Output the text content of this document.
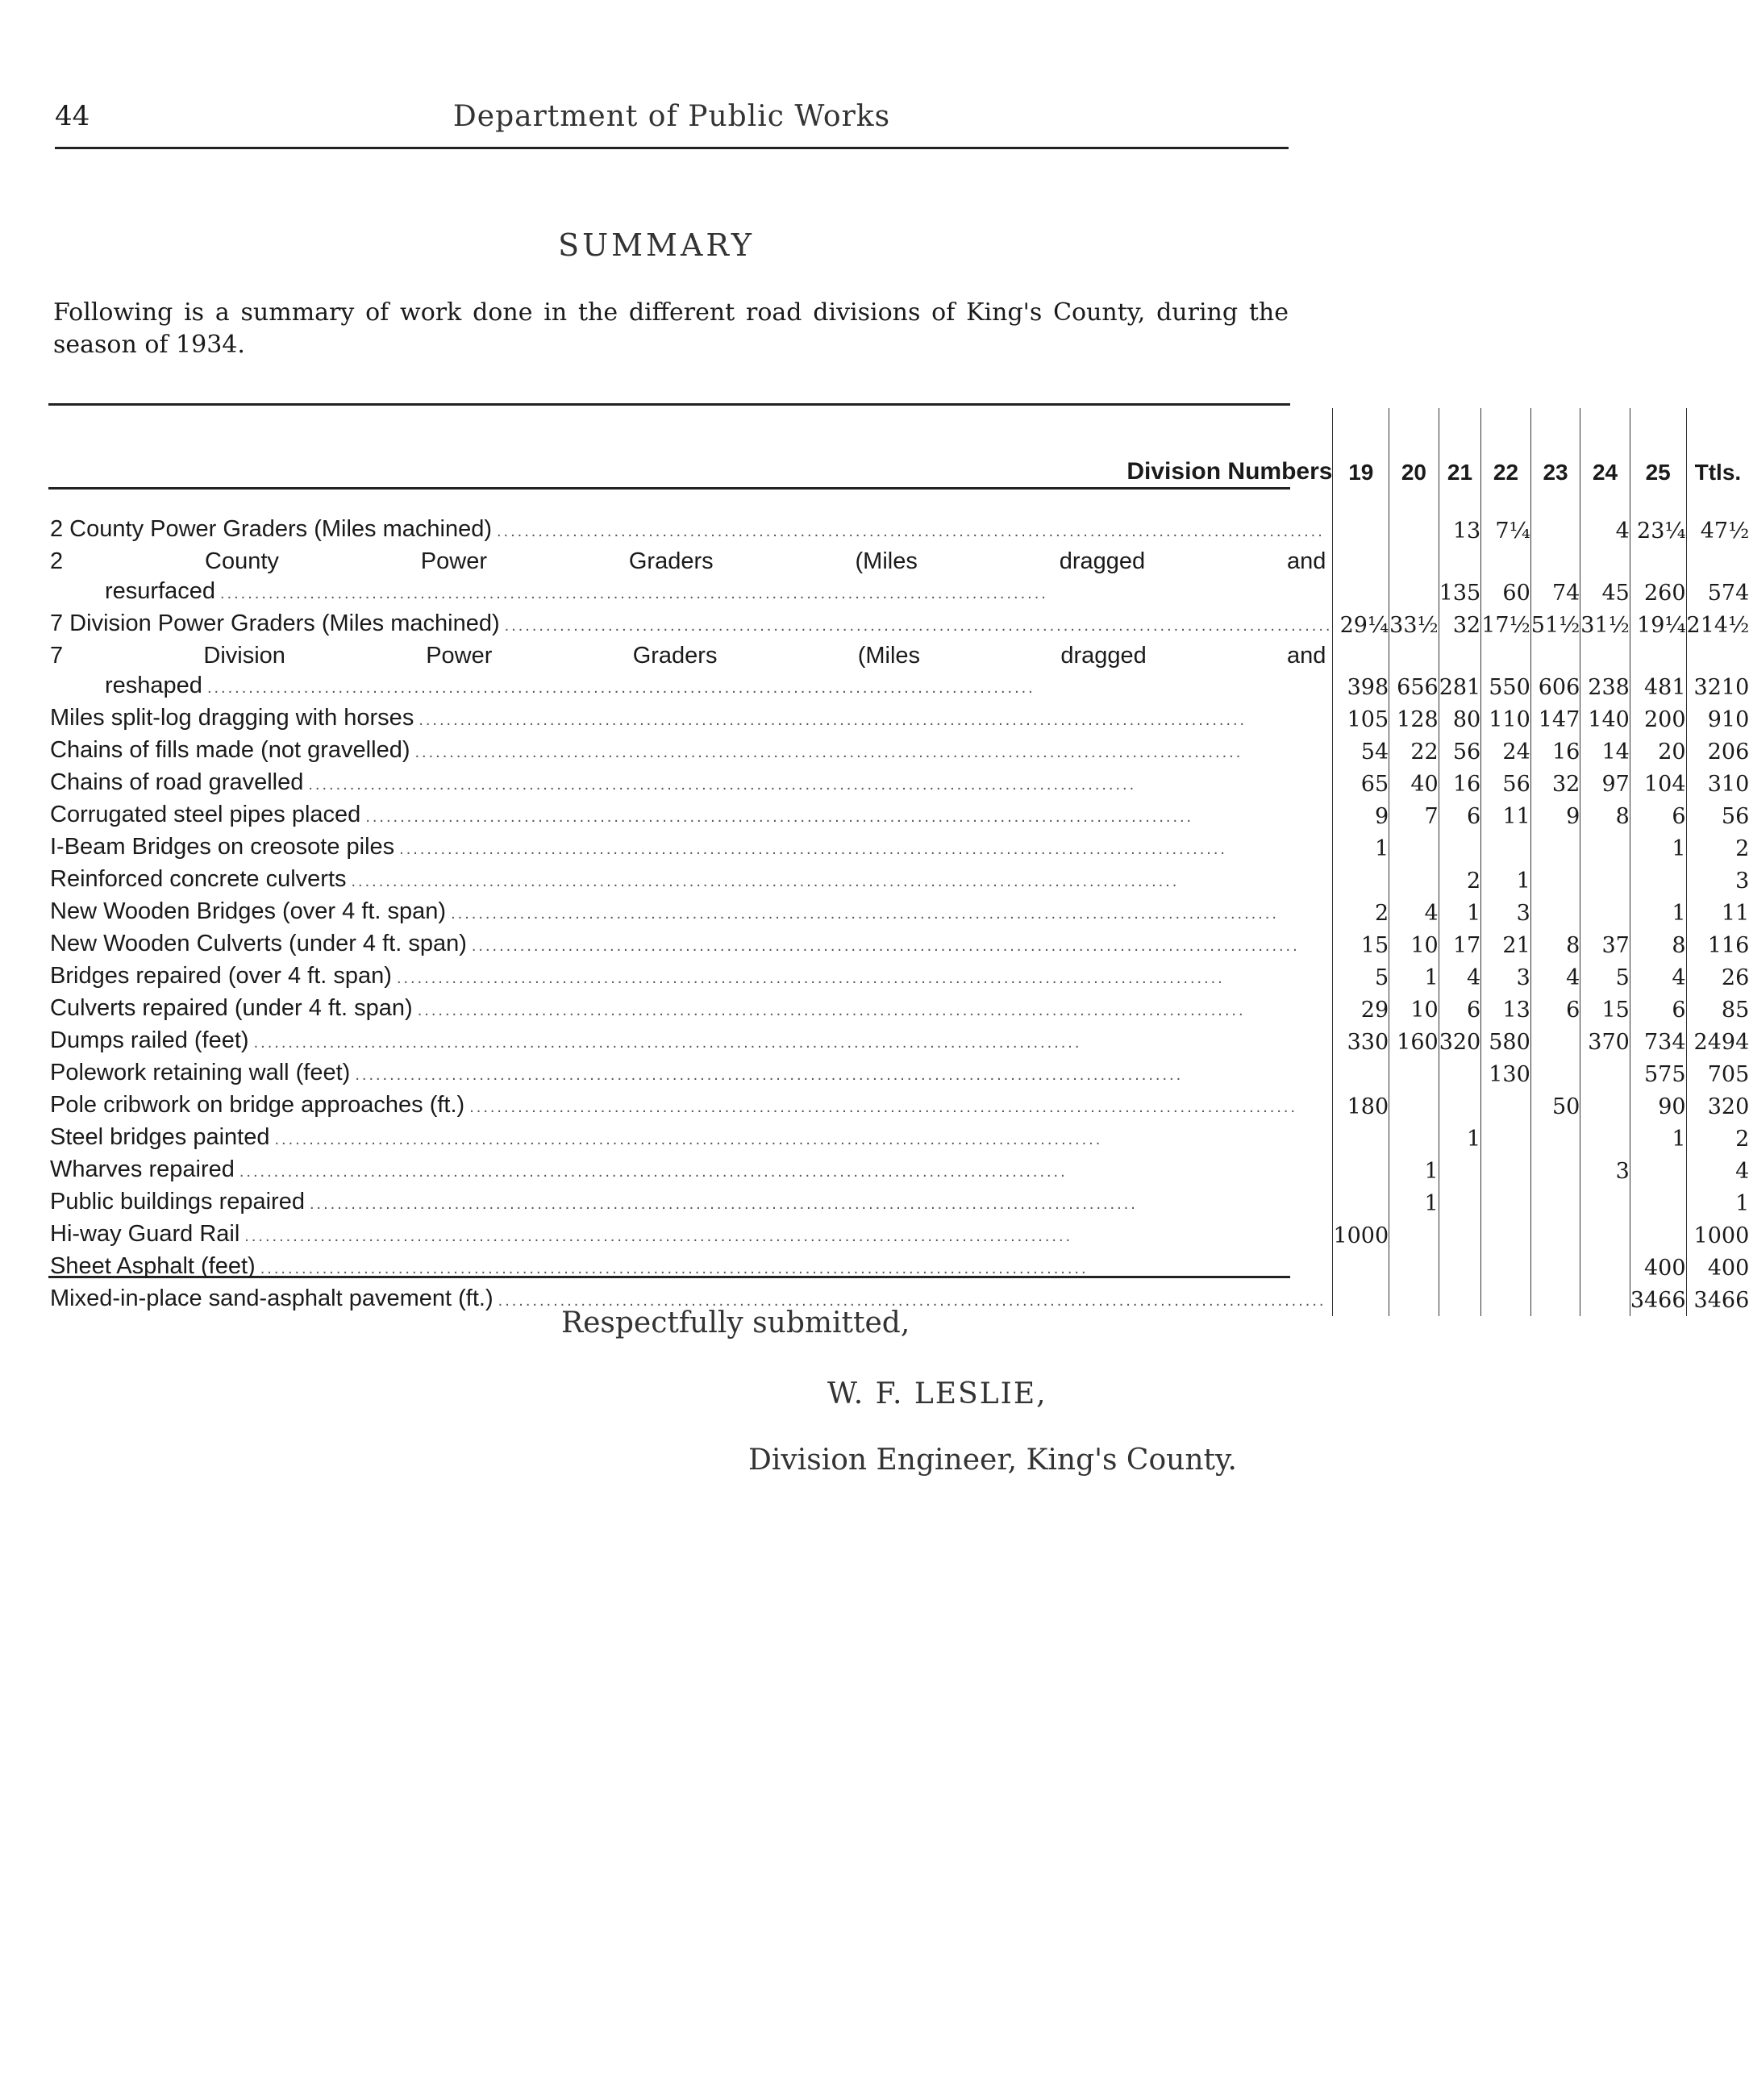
44	Department of Public Works
SUMMARY

Following is a summary of work done in the different road divisions of King's County, during the season of 1934.

Division Numbers	19	20	21	22	23	24	25	Ttls.

2 County Power Graders (Miles machined) ........................................................................................................................			13	7¼		4	23¼	47½
2 County Power Graders (Miles dragged and								

resurfaced ........................................................................................................................			135	60	74	45	260	574

7 Division Power Graders (Miles machined) ........................................................................................................................	29¼	33½	32	17½	51½	31½	19¼	214½
7 Division Power Graders (Miles dragged and								

reshaped ........................................................................................................................	398	656	281	550	606	238	481	3210

Miles split-log dragging with horses ........................................................................................................................	105	128	80	110	147	140	200	910

Chains of fills made (not gravelled) ........................................................................................................................	54	22	56	24	16	14	20	206

Chains of road gravelled ........................................................................................................................	65	40	16	56	32	97	104	310

Corrugated steel pipes placed ........................................................................................................................	9	7	6	11	9	8	6	56

I-Beam Bridges on creosote piles ........................................................................................................................	1						1	2

Reinforced concrete culverts ........................................................................................................................			2	1				3

New Wooden Bridges (over 4 ft. span) ........................................................................................................................	2	4	1	3			1	11

New Wooden Culverts (under 4 ft. span) ........................................................................................................................	15	10	17	21	8	37	8	116

Bridges repaired (over 4 ft. span) ........................................................................................................................	5	1	4	3	4	5	4	26

Culverts repaired (under 4 ft. span) ........................................................................................................................	29	10	6	13	6	15	6	85

Dumps railed (feet) ........................................................................................................................	330	160	320	580		370	734	2494

Polework retaining wall (feet) ........................................................................................................................				130			575	705

Pole cribwork on bridge approaches (ft.) ........................................................................................................................	180				50		90	320

Steel bridges painted ........................................................................................................................			1				1	2

Wharves repaired ........................................................................................................................		1				3		4

Public buildings repaired ........................................................................................................................		1						1

Hi-way Guard Rail ........................................................................................................................	1000							1000

Sheet Asphalt (feet) ........................................................................................................................							400	400

Mixed-in-place sand-asphalt pavement (ft.) ........................................................................................................................							3466	3466
Respectfully submitted,
W. F. LESLIE,
Division Engineer, King's County.
